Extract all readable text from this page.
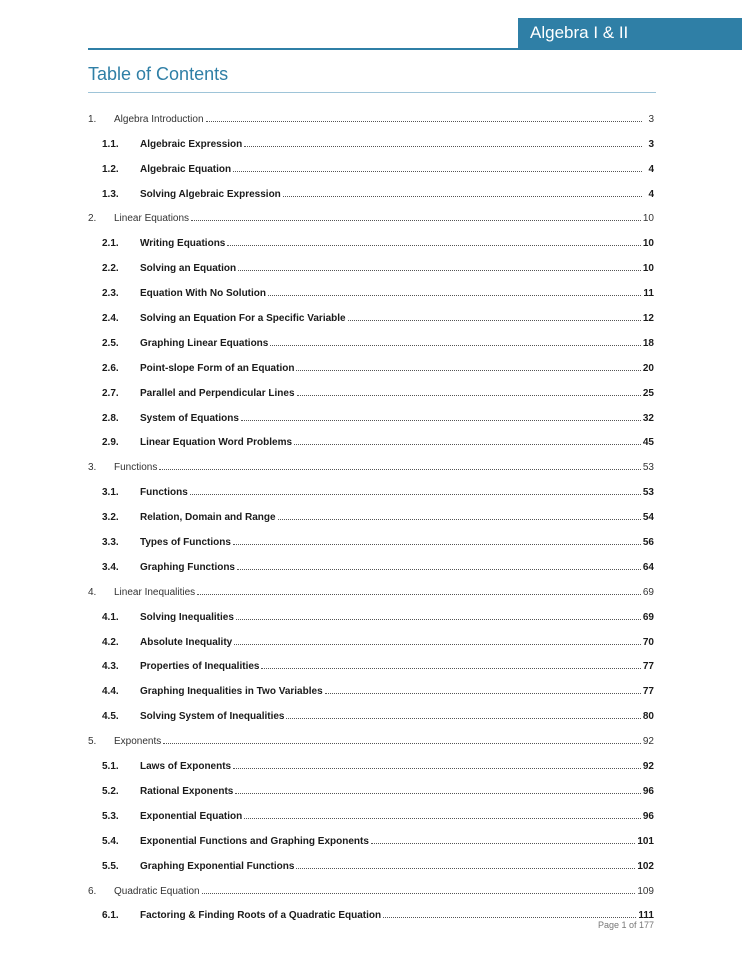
Algebra I & II
Table of Contents
1.	Algebra Introduction	3
1.1.	Algebraic Expression	3
1.2.	Algebraic Equation	4
1.3.	Solving Algebraic Expression	4
2.	Linear Equations	10
2.1.	Writing Equations	10
2.2.	Solving an Equation	10
2.3.	Equation With No Solution	11
2.4.	Solving an Equation For a Specific Variable	12
2.5.	Graphing Linear Equations	18
2.6.	Point-slope Form of an Equation	20
2.7.	Parallel and Perpendicular Lines	25
2.8.	System of Equations	32
2.9.	Linear Equation Word Problems	45
3.	Functions	53
3.1.	Functions	53
3.2.	Relation, Domain and Range	54
3.3.	Types of Functions	56
3.4.	Graphing Functions	64
4.	Linear Inequalities	69
4.1.	Solving Inequalities	69
4.2.	Absolute Inequality	70
4.3.	Properties of Inequalities	77
4.4.	Graphing Inequalities in Two Variables	77
4.5.	Solving System of Inequalities	80
5.	Exponents	92
5.1.	Laws of Exponents	92
5.2.	Rational Exponents	96
5.3.	Exponential Equation	96
5.4.	Exponential Functions and Graphing Exponents	101
5.5.	Graphing Exponential Functions	102
6.	Quadratic Equation	109
6.1.	Factoring & Finding Roots of a Quadratic Equation	111
Page 1 of 177
